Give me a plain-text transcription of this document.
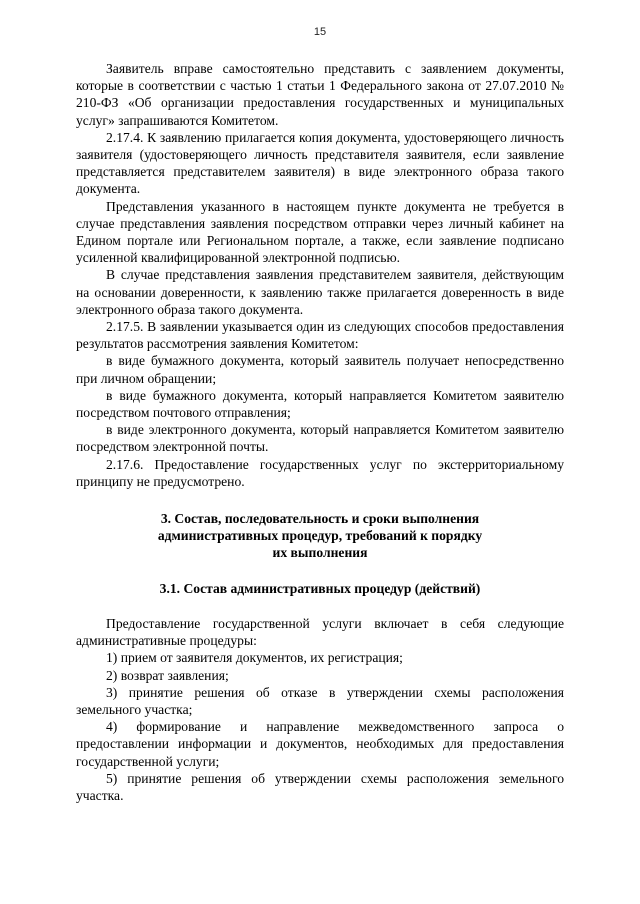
15

Заявитель вправе самостоятельно представить с заявлением документы, которые в соответствии с частью 1 статьи 1 Федерального закона от 27.07.2010 № 210-ФЗ «Об организации предоставления государственных и муниципальных услуг» запрашиваются Комитетом.

2.17.4. К заявлению прилагается копия документа, удостоверяющего личность заявителя (удостоверяющего личность представителя заявителя, если заявление представляется представителем заявителя) в виде электронного образа такого документа.

Представления указанного в настоящем пункте документа не требуется в случае представления заявления посредством отправки через личный кабинет на Едином портале или Региональном портале, а также, если заявление подписано усиленной квалифицированной электронной подписью.

В случае представления заявления представителем заявителя, действующим на основании доверенности, к заявлению также прилагается доверенность в виде электронного образа такого документа.

2.17.5. В заявлении указывается один из следующих способов предоставления результатов рассмотрения заявления Комитетом:

в виде бумажного документа, который заявитель получает непосредственно при личном обращении;

в виде бумажного документа, который направляется Комитетом заявителю посредством почтового отправления;

в виде электронного документа, который направляется Комитетом заявителю посредством электронной почты.

2.17.6. Предоставление государственных услуг по экстерриториальному принципу не предусмотрено.

3. Состав, последовательность и сроки выполнения

административных процедур, требований к порядку

их выполнения

3.1. Состав административных процедур (действий)

Предоставление государственной услуги включает в себя следующие административные процедуры:

1) прием от заявителя документов, их регистрация;

2) возврат заявления;

3) принятие решения об отказе в утверждении схемы расположения земельного участка;

4) формирование и направление межведомственного запроса о предоставлении информации и документов, необходимых для предоставления государственной услуги;

5) принятие решения об утверждении схемы расположения земельного участка.
